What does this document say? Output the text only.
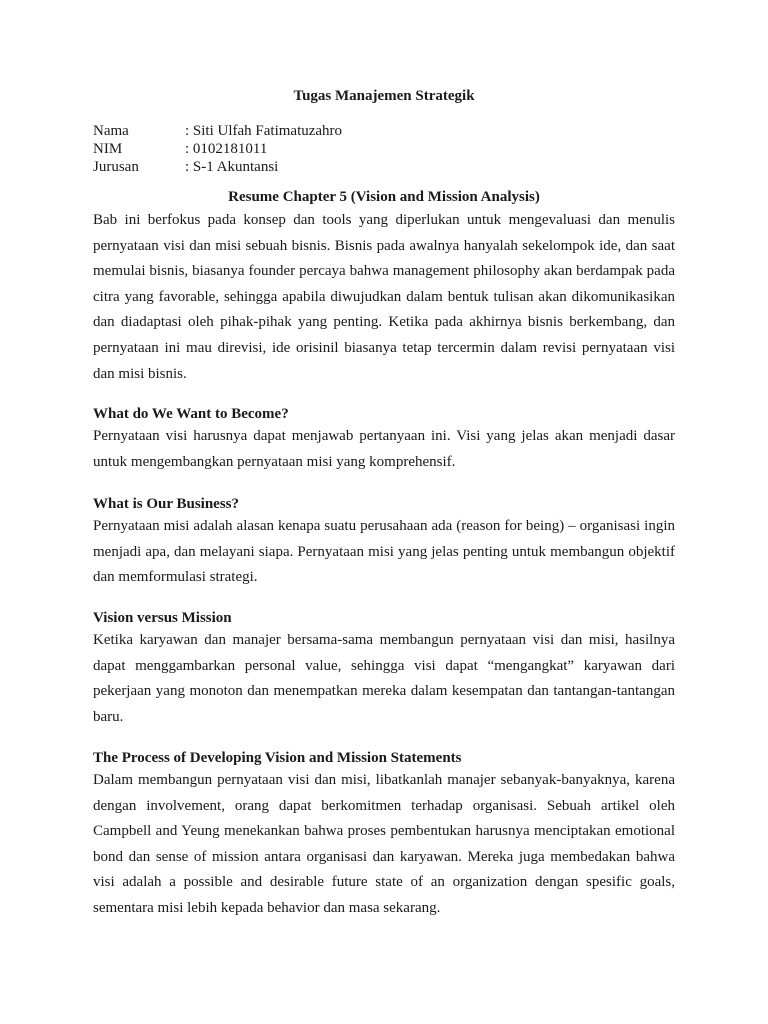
Tugas Manajemen Strategik
Nama	: Siti Ulfah Fatimatuzahro
NIM	: 0102181011
Jurusan	: S-1 Akuntansi
Resume Chapter 5 (Vision and Mission Analysis)

Bab ini berfokus pada konsep dan tools yang diperlukan untuk mengevaluasi dan menulis pernyataan visi dan misi sebuah bisnis. Bisnis pada awalnya hanyalah sekelompok ide, dan saat memulai bisnis, biasanya founder percaya bahwa management philosophy akan berdampak pada citra yang favorable, sehingga apabila diwujudkan dalam bentuk tulisan akan dikomunikasikan dan diadaptasi oleh pihak-pihak yang penting. Ketika pada akhirnya bisnis berkembang, dan pernyataan ini mau direvisi, ide orisinil biasanya tetap tercermin dalam revisi pernyataan visi dan misi bisnis.

What do We Want to Become?

Pernyataan visi harusnya dapat menjawab pertanyaan ini. Visi yang jelas akan menjadi dasar untuk mengembangkan pernyataan misi yang komprehensif.

What is Our Business?

Pernyataan misi adalah alasan kenapa suatu perusahaan ada (reason for being) – organisasi ingin menjadi apa, dan melayani siapa. Pernyataan misi yang jelas penting untuk membangun objektif dan memformulasi strategi.

Vision versus Mission

Ketika karyawan dan manajer bersama-sama membangun pernyataan visi dan misi, hasilnya dapat menggambarkan personal value, sehingga visi dapat “mengangkat” karyawan dari pekerjaan yang monoton dan menempatkan mereka dalam kesempatan dan tantangan-tantangan baru.

The Process of Developing Vision and Mission Statements

Dalam membangun pernyataan visi dan misi, libatkanlah manajer sebanyak-banyaknya, karena dengan involvement, orang dapat berkomitmen terhadap organisasi. Sebuah artikel oleh Campbell and Yeung menekankan bahwa proses pembentukan harusnya menciptakan emotional bond dan sense of mission antara organisasi dan karyawan. Mereka juga membedakan bahwa visi adalah a possible and desirable future state of an organization dengan spesific goals, sementara misi lebih kepada behavior dan masa sekarang.
